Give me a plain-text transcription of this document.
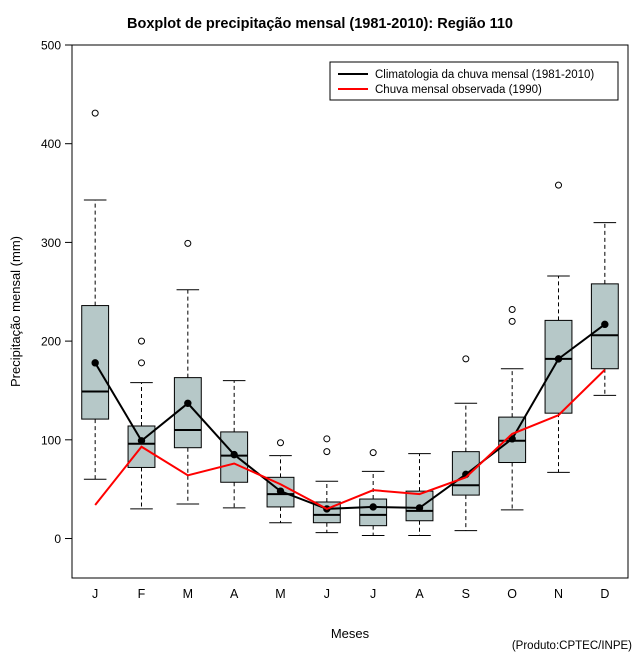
Boxplot de precipitação mensal (1981-2010): Região 110
0
100
200
300
400
500
J	F	M	A	M	J	J	A	S	O	N	D
Meses
Precipitação mensal (mm)
Climatologia da chuva mensal (1981-2010)
Chuva mensal observada (1990)
(Produto:CPTEC/INPE)
